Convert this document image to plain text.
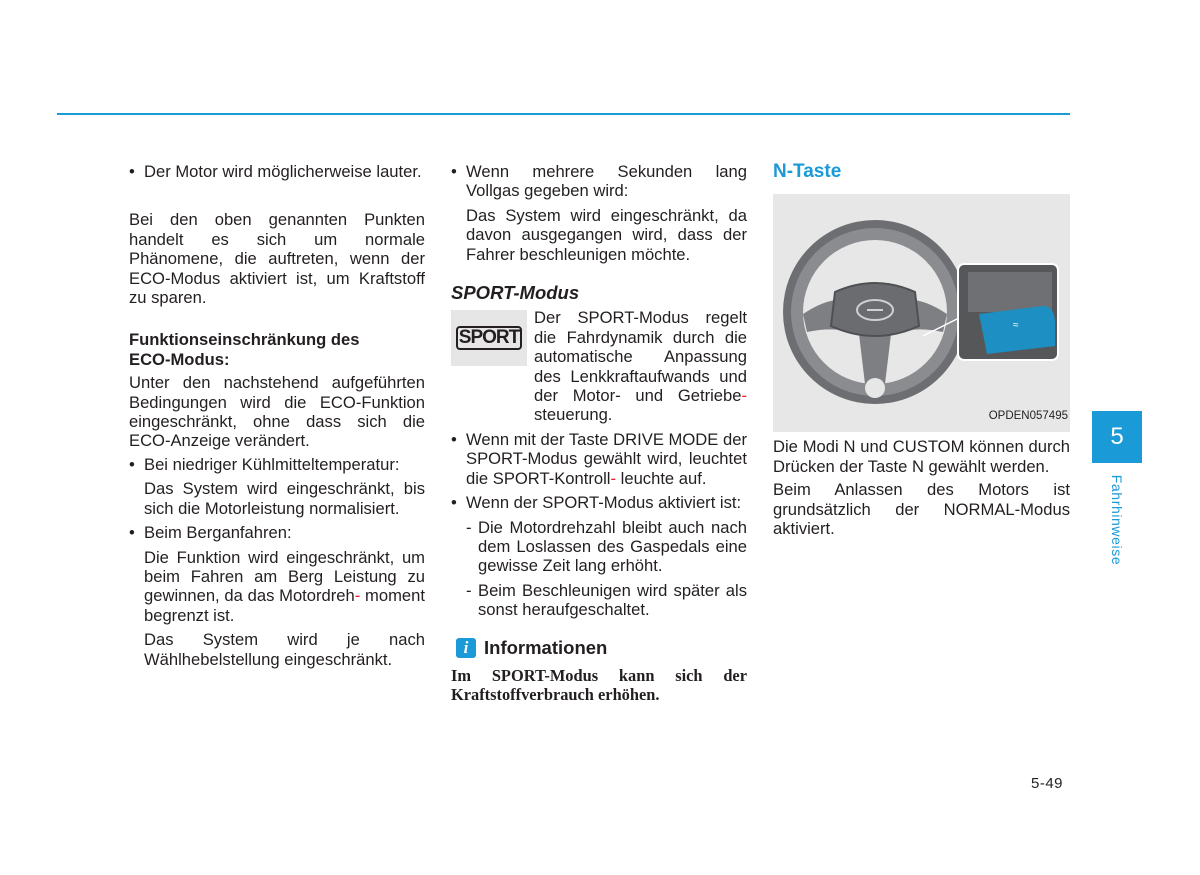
• Der Motor wird möglicherweise lauter.

Bei den oben genannten Punkten handelt es sich um normale Phänomene, die auftreten, wenn der ECO-Modus aktiviert ist, um Kraftstoff zu sparen.

Funktionseinschränkung des
ECO-Modus:

Unter den nachstehend aufgeführten Bedingungen wird die ECO-Funktion eingeschränkt, ohne dass sich die ECO-Anzeige verändert.

• Bei niedriger Kühlmitteltemperatur:

Das System wird eingeschränkt, bis sich die Motorleistung normalisiert.

• Beim Berganfahren:

Die Funktion wird eingeschränkt, um beim Fahren am Berg Leistung zu gewinnen, da das Motordreh- moment begrenzt ist.

Das System wird je nach Wählhebelstellung eingeschränkt.

• Wenn mehrere Sekunden lang Vollgas gegeben wird:

Das System wird eingeschränkt, da davon ausgegangen wird, dass der Fahrer beschleunigen möchte.

SPORT-Modus

SPORT

Der SPORT-Modus regelt die Fahrdynamik durch die automatische Anpassung des Lenkkraftaufwands und der Motor- und Getriebe- steuerung.

• Wenn mit der Taste DRIVE MODE der SPORT-Modus gewählt wird, leuchtet die SPORT-Kontroll- leuchte auf.

• Wenn der SPORT-Modus aktiviert ist:

- Die Motordrehzahl bleibt auch nach dem Loslassen des Gaspedals eine gewisse Zeit lang erhöht.

- Beim Beschleunigen wird später als sonst heraufgeschaltet.

i Informationen

Im SPORT-Modus kann sich der Kraftstoffverbrauch erhöhen.

N-Taste

≈
OPDEN057495

Die Modi N und CUSTOM können durch Drücken der Taste N gewählt werden.

Beim Anlassen des Motors ist grundsätzlich der NORMAL-Modus aktiviert.

5
Fahrhinweise
5-49
